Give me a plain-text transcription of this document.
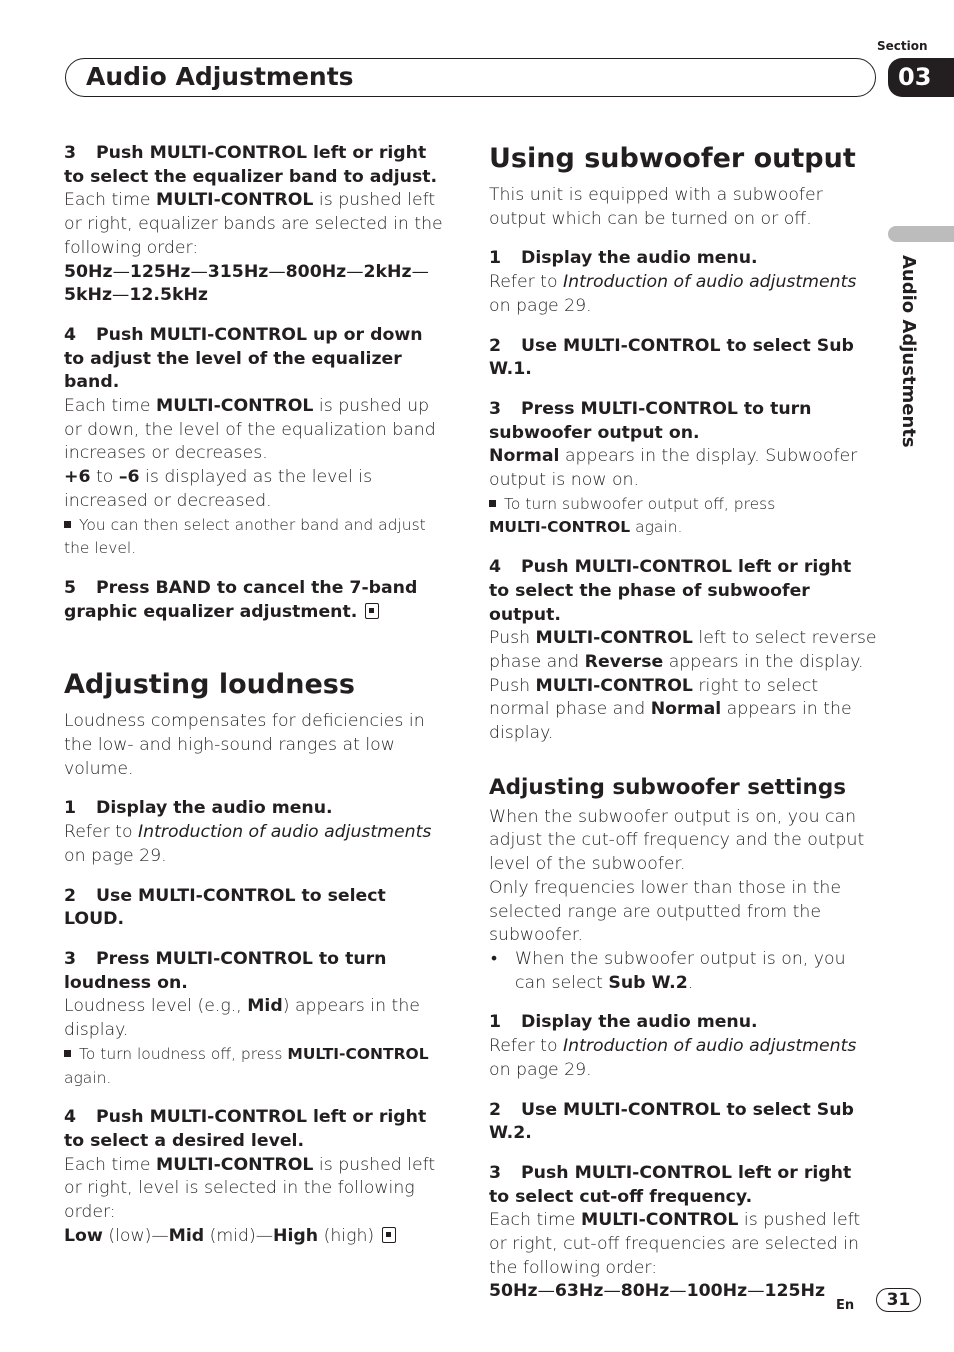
Section
Audio Adjustments	03
Audio Adjustments

3 Push MULTI-CONTROL left or right to select the equalizer band to adjust.

Each time MULTI-CONTROL is pushed left or right, equalizer bands are selected in the following order:

50Hz—125Hz—315Hz—800Hz—2kHz—
5kHz—12.5kHz

4 Push MULTI-CONTROL up or down to adjust the level of the equalizer band.

Each time MULTI-CONTROL is pushed up or down, the level of the equalization band increases or decreases.

+6 to –6 is displayed as the level is increased or decreased.

You can then select another band and adjust the level.

5 Press BAND to cancel the 7-band graphic equalizer adjustment.

Adjusting loudness

Loudness compensates for deficiencies in the low- and high-sound ranges at low volume.

1 Display the audio menu.

Refer to Introduction of audio adjustments on page 29.

2 Use MULTI-CONTROL to select LOUD.

3 Press MULTI-CONTROL to turn loudness on.

Loudness level (e.g., Mid) appears in the display.

To turn loudness off, press MULTI-CONTROL again.

4 Push MULTI-CONTROL left or right to select a desired level.

Each time MULTI-CONTROL is pushed left or right, level is selected in the following order:

Low (low)—Mid (mid)—High (high)

Using subwoofer output

This unit is equipped with a subwoofer output which can be turned on or off.

1 Display the audio menu.

Refer to Introduction of audio adjustments on page 29.

2 Use MULTI-CONTROL to select Sub W.1.

3 Press MULTI-CONTROL to turn subwoofer output on.

Normal appears in the display. Subwoofer output is now on.

To turn subwoofer output off, press
MULTI-CONTROL again.

4 Push MULTI-CONTROL left or right to select the phase of subwoofer output.

Push MULTI-CONTROL left to select reverse phase and Reverse appears in the display.

Push MULTI-CONTROL right to select normal phase and Normal appears in the display.

Adjusting subwoofer settings

When the subwoofer output is on, you can adjust the cut-off frequency and the output level of the subwoofer.

Only frequencies lower than those in the selected range are outputted from the subwoofer.

• When the subwoofer output is on, you can select Sub W.2.

1 Display the audio menu.

Refer to Introduction of audio adjustments on page 29.

2 Use MULTI-CONTROL to select Sub W.2.

3 Push MULTI-CONTROL left or right to select cut-off frequency.

Each time MULTI-CONTROL is pushed left or right, cut-off frequencies are selected in the following order:

50Hz—63Hz—80Hz—100Hz—125Hz

En	31
